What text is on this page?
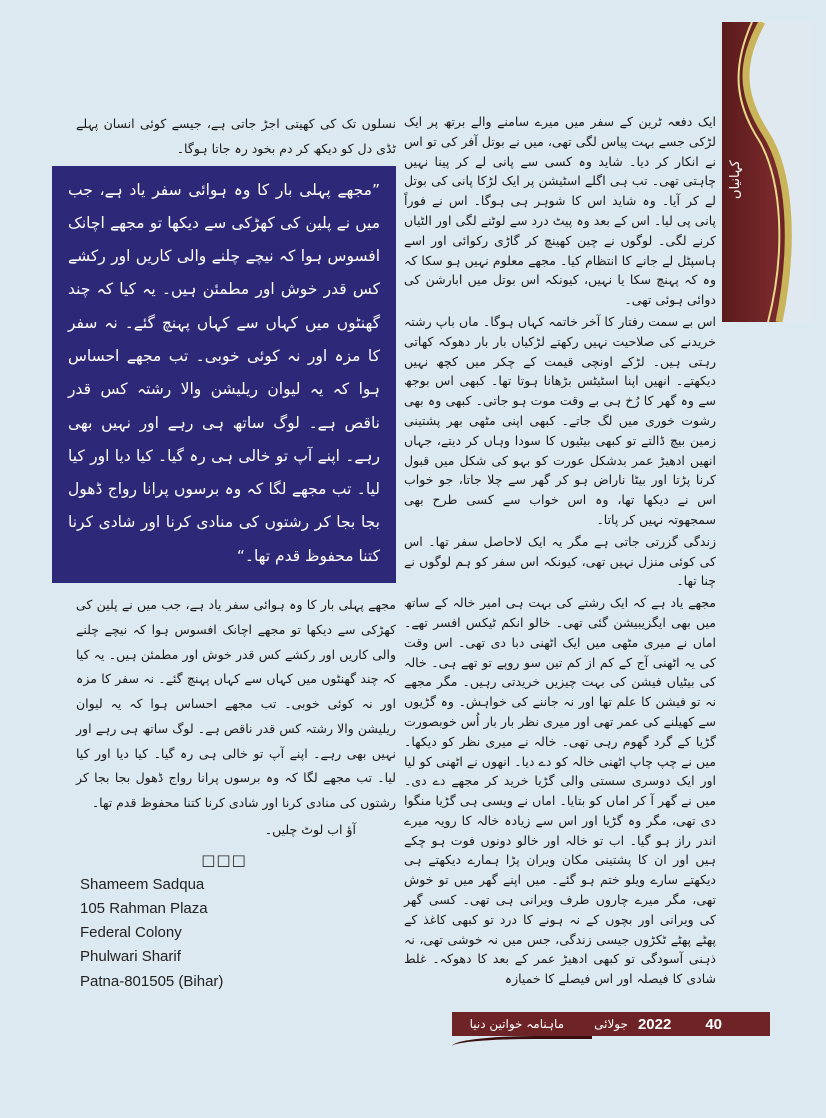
کہانیاں

ایک دفعہ ٹرین کے سفر میں میرے سامنے والے برتھ پر ایک لڑکی جسے بہت پیاس لگی تھی، میں نے بوتل آفر کی تو اس نے انکار کر دیا۔ شاید وہ کسی سے پانی لے کر پینا نہیں چاہتی تھی۔ تب ہی اگلے اسٹیشن پر ایک لڑکا پانی کی بوتل لے کر آیا۔ وہ شاید اس کا شوہر ہی ہوگا۔ اس نے فوراً پانی پی لیا۔ اس کے بعد وہ پیٹ درد سے لوٹنے لگی اور الٹیاں کرنے لگی۔ لوگوں نے چین کھینچ کر گاڑی رکوائی اور اسے ہاسپٹل لے جانے کا انتظام کیا۔ مجھے معلوم نہیں ہو سکا کہ وہ کہ پہنچ سکا یا نہیں، کیونکہ اس بوتل میں ابارشن کی دوائی ہوئی تھی۔

اس بے سمت رفتار کا آخر خاتمہ کہاں ہوگا۔ ماں باپ رشتہ خریدنے کی صلاحیت نہیں رکھتے لڑکیاں بار بار دھوکہ کھاتی رہتی ہیں۔ لڑکے اونچی قیمت کے چکر میں کچھ نہیں دیکھتے۔ انھیں اپنا اسٹیٹس بڑھانا ہوتا تھا۔ کبھی اس بوجھ سے وہ گھر کا رُخ ہی بے وقت موت ہو جاتی۔ کبھی وہ بھی رشوت خوری میں لگ جاتے۔ کبھی اپنی مٹھی بھر پشتینی زمین بیچ ڈالتے تو کبھی بیٹیوں کا سودا وہاں کر دیتے، جہاں انھیں ادھیڑ عمر بدشکل عورت کو بہو کی شکل میں قبول کرنا پڑتا اور بیٹا ناراض ہو کر گھر سے چلا جاتا، جو خواب اس نے دیکھا تھا، وہ اس خواب سے کسی طرح بھی سمجھوتہ نہیں کر پاتا۔

زندگی گزرتی جاتی ہے مگر یہ ایک لاحاصل سفر تھا۔ اس کی کوئی منزل نہیں تھی، کیونکہ اس سفر کو ہم لوگوں نے چنا تھا۔

مجھے یاد ہے کہ ایک رشتے کی بہت ہی امیر خالہ کے ساتھ میں بھی ایگزیبیشن گئی تھی۔ خالو انکم ٹیکس افسر تھے۔ اماں نے میری مٹھی میں ایک اٹھنی دبا دی تھی۔ اس وقت کی یہ اٹھنی آج کے کم از کم تین سو روپے تو تھے ہی۔ خالہ کی بیٹیاں فیشن کی بہت چیزیں خریدتی رہیں۔ مگر مجھے نہ تو فیشن کا علم تھا اور نہ جاننے کی خواہش۔ وہ گڑیوں سے کھیلنے کی عمر تھی اور میری نظر بار بار اُس خوبصورت گڑیا کے گرد گھوم رہی تھی۔ خالہ نے میری نظر کو دیکھا۔ میں نے چپ چاپ اٹھنی خالہ کو دے دیا۔ انھوں نے اٹھنی کو لیا اور ایک دوسری سستی والی گڑیا خرید کر مجھے دے دی۔ میں نے گھر آ کر اماں کو بتایا۔ اماں نے ویسی ہی گڑیا منگوا دی تھی، مگر وہ گڑیا اور اس سے زیادہ خالہ کا رویہ میرے اندر راز ہو گیا۔ اب تو خالہ اور خالو دونوں فوت ہو چکے ہیں اور ان کا پشتینی مکان ویران پڑا ہمارے دیکھتے ہی دیکھتے سارے ویلو ختم ہو گئے۔ میں اپنے گھر میں تو خوش تھی، مگر میرے چاروں طرف ویرانی ہی تھی۔ کسی گھر کی ویرانی اور بچوں کے نہ ہونے کا درد تو کبھی کاغذ کے پھٹے پھٹے ٹکڑوں جیسی زندگی، جس میں نہ خوشی تھی، نہ ذہنی آسودگی تو کبھی ادھیڑ عمر کے بعد کا دھوکہ۔ غلط شادی کا فیصلہ اور اس فیصلے کا خمیازہ

نسلوں تک کی کھیتی اجڑ جاتی ہے، جیسے کوئی انسان پہلے ٹڈی دل کو دیکھ کر دم بخود رہ جاتا ہوگا۔
”مجھے پہلی بار کا وہ ہوائی سفر یاد ہے، جب میں نے پلین کی کھڑکی سے دیکھا تو مجھے اچانک افسوس ہوا کہ نیچے چلنے والی کاریں اور رکشے کس قدر خوش اور مطمئن ہیں۔ یہ کیا کہ چند گھنٹوں میں کہاں سے کہاں پہنچ گئے۔ نہ سفر کا مزہ اور نہ کوئی خوبی۔ تب مجھے احساس ہوا کہ یہ لیوان ریلیشن والا رشتہ کس قدر ناقص ہے۔ لوگ ساتھ ہی رہے اور نہیں بھی رہے۔ اپنے آپ تو خالی ہی رہ گیا۔ کیا دیا اور کیا لیا۔ تب مجھے لگا کہ وہ برسوں پرانا رواج ڈھول بجا بجا کر رشتوں کی منادی کرنا اور شادی کرنا کتنا محفوظ قدم تھا۔“

مجھے پہلی بار کا وہ ہوائی سفر یاد ہے، جب میں نے پلین کی کھڑکی سے دیکھا تو مجھے اچانک افسوس ہوا کہ نیچے چلنے والی کاریں اور رکشے کس قدر خوش اور مطمئن ہیں۔ یہ کیا کہ چند گھنٹوں میں کہاں سے کہاں پہنچ گئے۔ نہ سفر کا مزہ اور نہ کوئی خوبی۔ تب مجھے احساس ہوا کہ یہ لیوان ریلیشن والا رشتہ کس قدر ناقص ہے۔ لوگ ساتھ ہی رہے اور نہیں بھی رہے۔ اپنے آپ تو خالی ہی رہ گیا۔ کیا دیا اور کیا لیا۔ تب مجھے لگا کہ وہ برسوں پرانا رواج ڈھول بجا بجا کر رشتوں کی منادی کرنا اور شادی کرنا کتنا محفوظ قدم تھا۔

آؤ اب لوٹ چلیں۔

□□□
Shameem Sadqua
105 Rahman Plaza
Federal Colony
Phulwari Sharif
Patna-801505 (Bihar)
40
2022
جولائی
ماہنامہ خواتین دنیا
